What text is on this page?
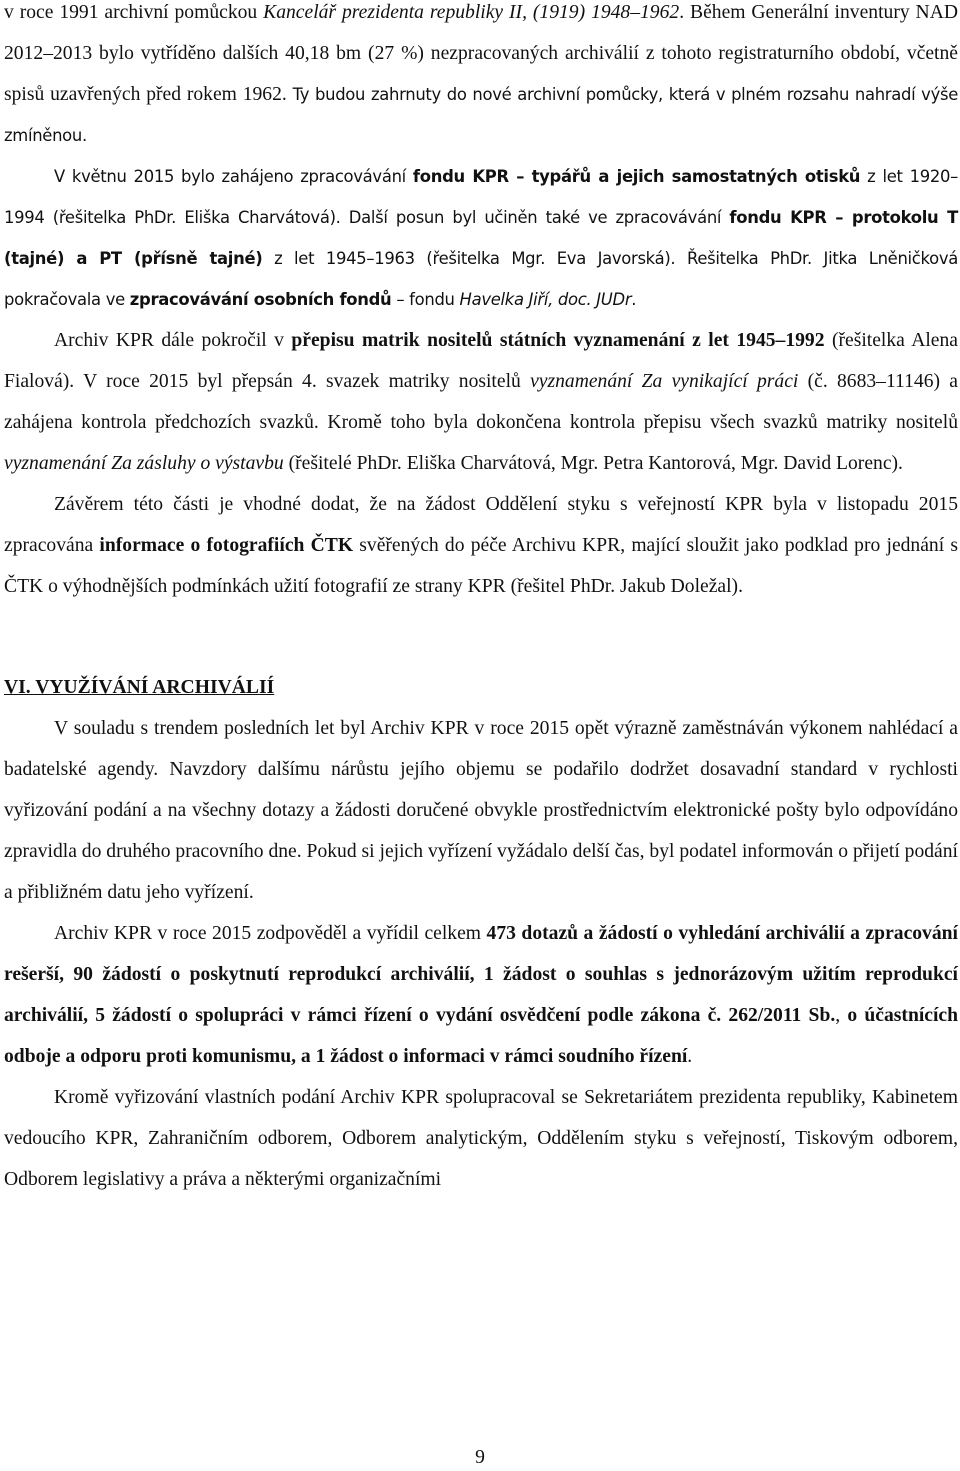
v roce 1991 archivní pomůckou Kancelář prezidenta republiky II, (1919) 1948–1962. Během Generální inventury NAD 2012–2013 bylo vytříděno dalších 40,18 bm (27 %) nezpracovaných archiválií z tohoto registraturního období, včetně spisů uzavřených před rokem 1962. Ty budou zahrnuty do nové archivní pomůcky, která v plném rozsahu nahradí výše zmíněnou.

V květnu 2015 bylo zahájeno zpracovávání fondu KPR – typářů a jejich samostatných otisků z let 1920–1994 (řešitelka PhDr. Eliška Charvátová). Další posun byl učiněn také ve zpracovávání fondu KPR – protokolu T (tajné) a PT (přísně tajné) z let 1945–1963 (řešitelka Mgr. Eva Javorská). Řešitelka PhDr. Jitka Lněničková pokračovala ve zpracovávání osobních fondů – fondu Havelka Jiří, doc. JUDr.

Archiv KPR dále pokročil v přepisu matrik nositelů státních vyznamenání z let 1945–1992 (řešitelka Alena Fialová). V roce 2015 byl přepsán 4. svazek matriky nositelů vyznamenání Za vynikající práci (č. 8683–11146) a zahájena kontrola předchozích svazků. Kromě toho byla dokončena kontrola přepisu všech svazků matriky nositelů vyznamenání Za zásluhy o výstavbu (řešitelé PhDr. Eliška Charvátová, Mgr. Petra Kantorová, Mgr. David Lorenc).

Závěrem této části je vhodné dodat, že na žádost Oddělení styku s veřejností KPR byla v listopadu 2015 zpracována informace o fotografiích ČTK svěřených do péče Archivu KPR, mající sloužit jako podklad pro jednání s ČTK o výhodnějších podmínkách užití fotografií ze strany KPR (řešitel PhDr. Jakub Doležal).

VI. VYUŽÍVÁNÍ ARCHIVÁLIÍ

V souladu s trendem posledních let byl Archiv KPR v roce 2015 opět výrazně zaměstnáván výkonem nahlédací a badatelské agendy. Navzdory dalšímu nárůstu jejího objemu se podařilo dodržet dosavadní standard v rychlosti vyřizování podání a na všechny dotazy a žádosti doručené obvykle prostřednictvím elektronické pošty bylo odpovídáno zpravidla do druhého pracovního dne. Pokud si jejich vyřízení vyžádalo delší čas, byl podatel informován o přijetí podání a přibližném datu jeho vyřízení.

Archiv KPR v roce 2015 zodpověděl a vyřídil celkem 473 dotazů a žádostí o vyhledání archiválií a zpracování rešerší, 90 žádostí o poskytnutí reprodukcí archiválií, 1 žádost o souhlas s jednorázovým užitím reprodukcí archiválií, 5 žádostí o spolupráci v rámci řízení o vydání osvědčení podle zákona č. 262/2011 Sb., o účastnících odboje a odporu proti komunismu, a 1 žádost o informaci v rámci soudního řízení.

Kromě vyřizování vlastních podání Archiv KPR spolupracoval se Sekretariátem prezidenta republiky, Kabinetem vedoucího KPR, Zahraničním odborem, Odborem analytickým, Oddělením styku s veřejností, Tiskovým odborem, Odborem legislativy a práva a některými organizačními

9
